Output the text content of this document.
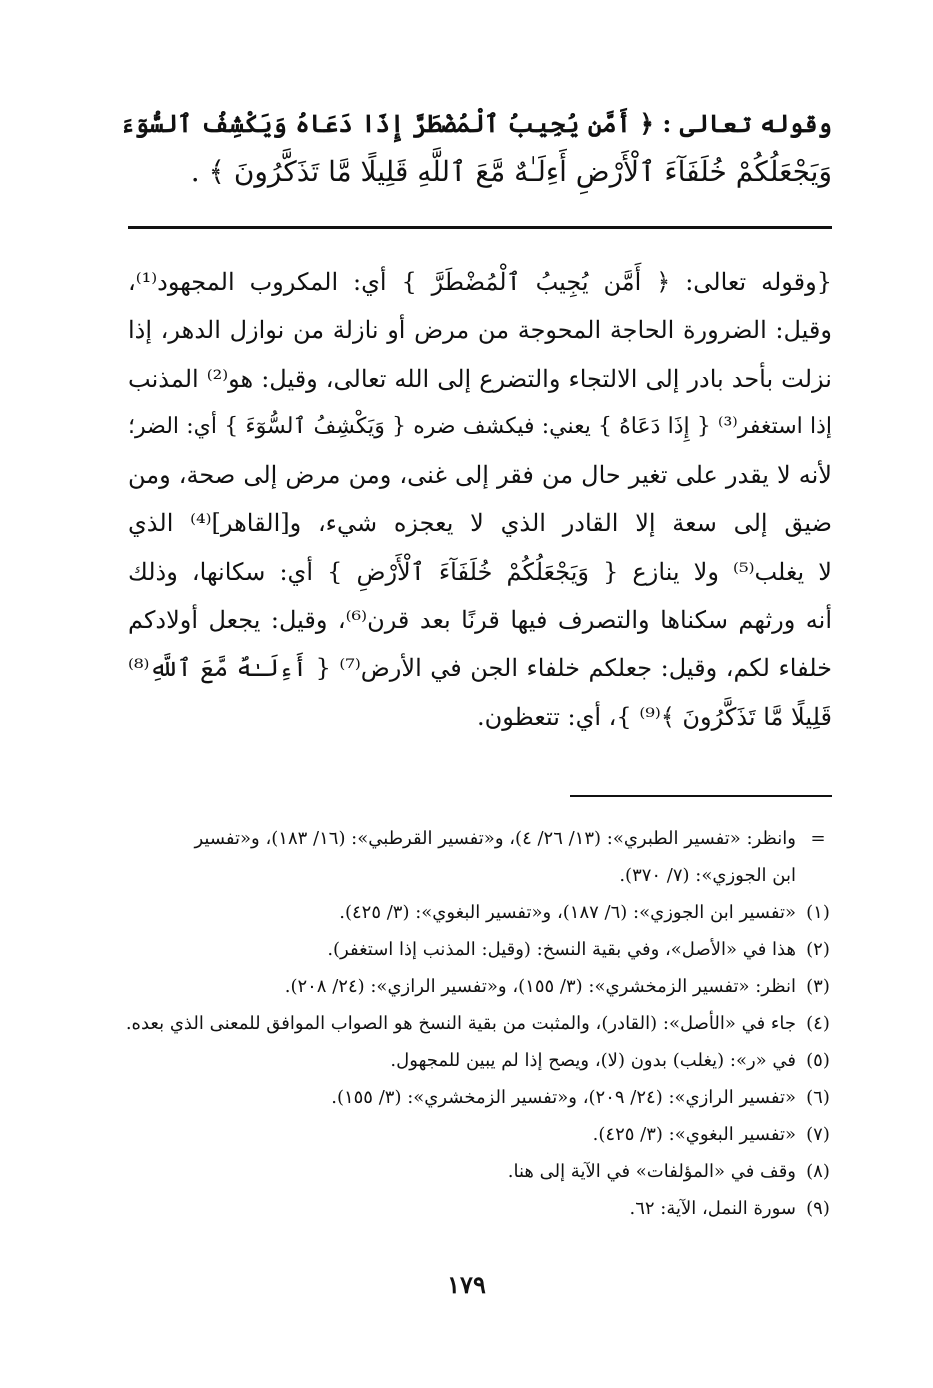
وقوله تعالى : ﴿ أَمَّن يُجِيبُ ٱلْمُضْطَرَّ إِذَا دَعَاهُ وَيَكْشِفُ ٱلسُّوٓءَ
وَيَجْعَلُكُمْ خُلَفَآءَ ٱلْأَرْضِ أَءِلَـٰهٌ مَّعَ ٱللَّهِ قَلِيلًا مَّا تَذَكَّرُونَ ﴾ .
{وقوله تعالى: ﴿ أَمَّن يُجِيبُ ٱلْمُضْطَرَّ } أي: المكروب المجهود⁽¹⁾،
وقيل: الضرورة الحاجة المحوجة من مرض أو نازلة من نوازل الدهر، إذا
نزلت بأحد بادر إلى الالتجاء والتضرع إلى الله تعالى، وقيل: هو⁽²⁾ المذنب
إذا استغفر⁽³⁾ { إِذَا دَعَاهُ } يعني: فيكشف ضره { وَيَكْشِفُ ٱلسُّوٓءَ } أي: الضر؛
لأنه لا يقدر على تغير حال من فقر إلى غنى، ومن مرض إلى صحة، ومن
ضيق إلى سعة إلا القادر الذي لا يعجزه شيء، و[القاهر]⁽⁴⁾ الذي
لا يغلب⁽⁵⁾ ولا ينازع { وَيَجْعَلُكُمْ خُلَفَآءَ ٱلْأَرْضِ } أي: سكانها، وذلك
أنه ورثهم سكناها والتصرف فيها قرنًا بعد قرن⁽⁶⁾، وقيل: يجعل أولادكم
خلفاء لكم، وقيل: جعلكم خلفاء الجن في الأرض⁽⁷⁾ { أَءِلَـٰهٌ مَّعَ ٱللَّهِ⁽⁸⁾
قَلِيلًا مَّا تَذَكَّرُونَ ﴾⁽⁹⁾ }، أي: تتعظون.
=
وانظر: «تفسير الطبري»: (١٣/ ٢٦/ ٤)، و«تفسير القرطبي»: (١٦/ ١٨٣)، و«تفسير
ابن الجوزي»: (٧/ ٣٧٠).
(١)
«تفسير ابن الجوزي»: (٦/ ١٨٧)، و«تفسير البغوي»: (٣/ ٤٢٥).
(٢)
هذا في «الأصل»، وفي بقية النسخ: (وقيل: المذنب إذا استغفر).
(٣)
انظر: «تفسير الزمخشري»: (٣/ ١٥٥)، و«تفسير الرازي»: (٢٤/ ٢٠٨).
(٤)
جاء في «الأصل»: (القادر)، والمثبت من بقية النسخ هو الصواب الموافق للمعنى الذي بعده.
(٥)
في «ر»: (يغلب) بدون (لا)، ويصح إذا لم يبين للمجهول.
(٦)
«تفسير الرازي»: (٢٤/ ٢٠٩)، و«تفسير الزمخشري»: (٣/ ١٥٥).
(٧)
«تفسير البغوي»: (٣/ ٤٢٥).
(٨)
وقف في «المؤلفات» في الآية إلى هنا.
(٩)
سورة النمل، الآية: ٦٢.
١٧٩
